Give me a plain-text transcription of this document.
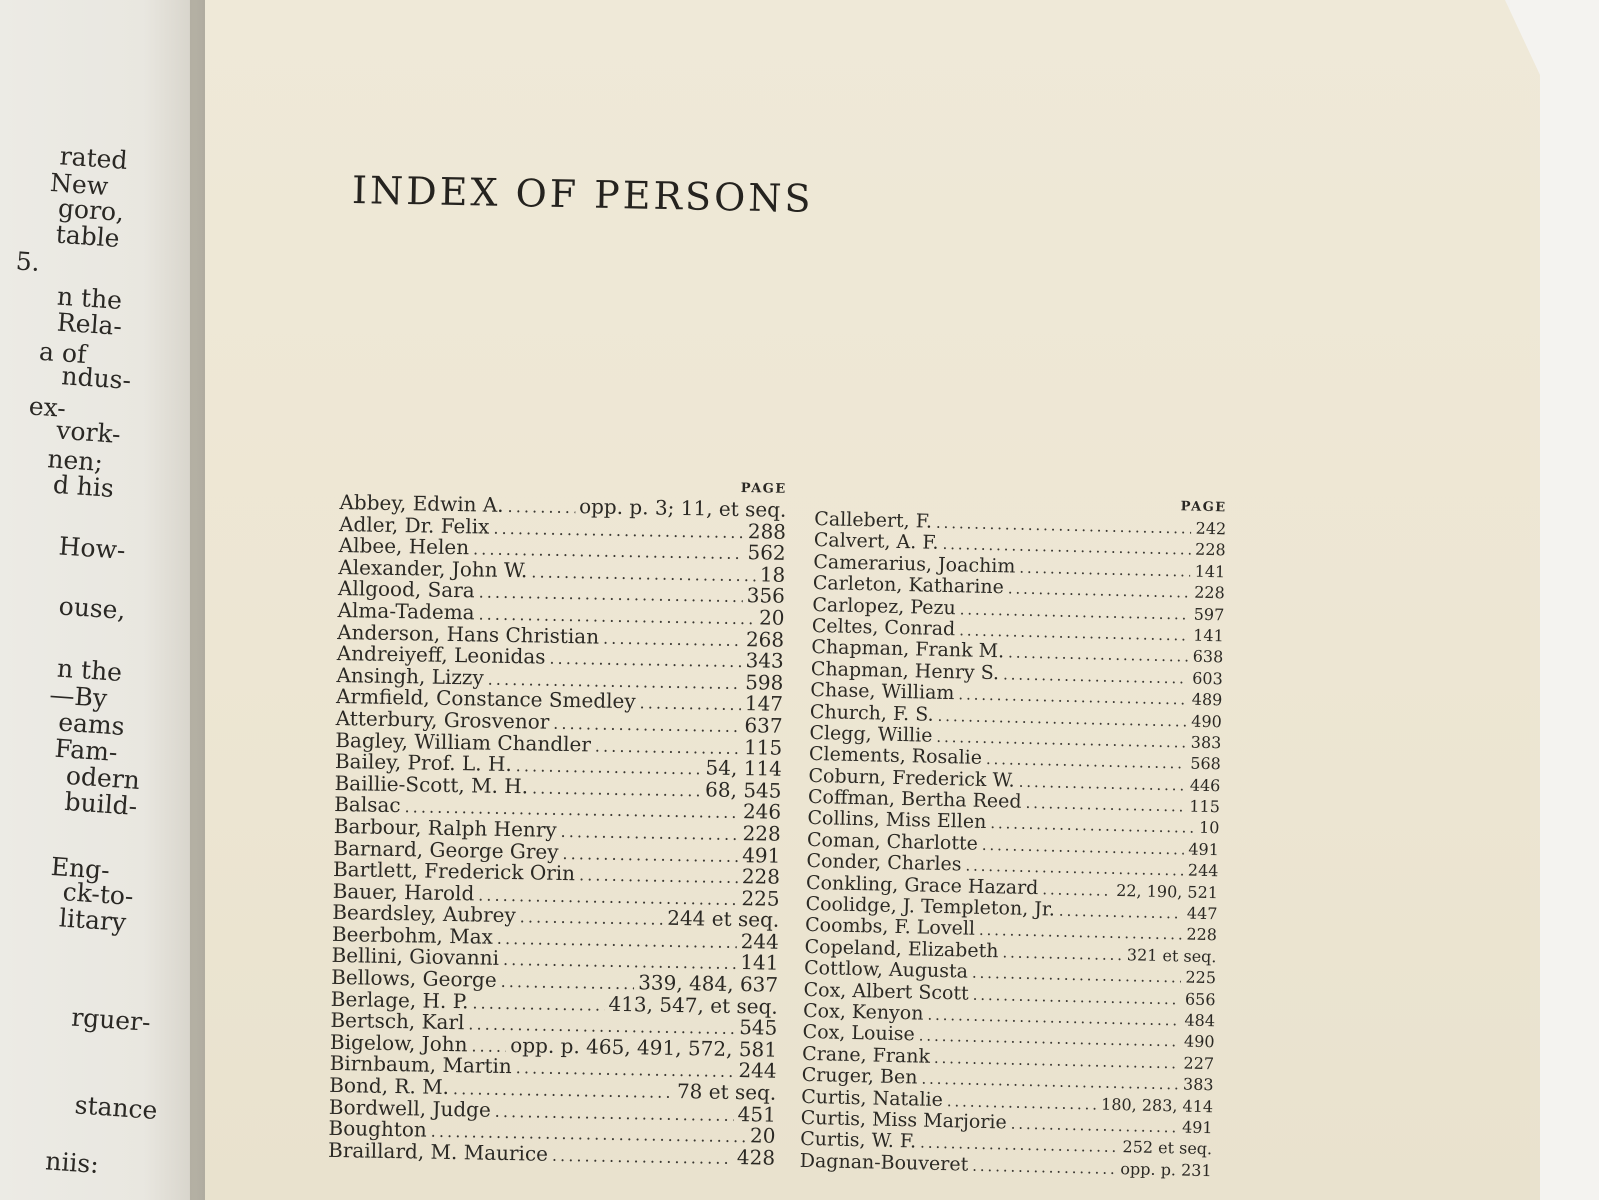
rated
New
goro,
table
5.
n the
Rela-
a of
ndus-
ex-
vork-
nen;
d his
How-
ouse,
n the
—By
eams
Fam-
odern
build-
Eng-
ck-to-
litary
rguer-
stance
niis:
INDEX OF PERSONS
PAGE
Abbey, Edwin A. . . .	opp. p. 3; 11, et seq.
Adler, Dr. Felix . . .	288
Albee, Helen . . .	562
Alexander, John W. . . .	18
Allgood, Sara . . .	356
Alma-Tadema . . .	20
Anderson, Hans Christian . . .	268
Andreiyeff, Leonidas . . .	343
Ansingh, Lizzy . . .	598
Armfield, Constance Smedley . . .	147
Atterbury, Grosvenor . . .	637
Bagley, William Chandler . . .	115
Bailey, Prof. L. H. . . .	54, 114
Baillie-Scott, M. H. . . .	68, 545
Balsac . . .	246
Barbour, Ralph Henry . . .	228
Barnard, George Grey . . .	491
Bartlett, Frederick Orin . . .	228
Bauer, Harold . . .	225
Beardsley, Aubrey . . .	244 et seq.
Beerbohm, Max . . .	244
Bellini, Giovanni . . .	141
Bellows, George . . .	339, 484, 637
Berlage, H. P. . . .	413, 547, et seq.
Bertsch, Karl . . .	545
Bigelow, John . . . opp. p. 465, 491, 572, 581
Birnbaum, Martin . . .	244
Bond, R. M. . . .	78 et seq.
Bordwell, Judge . . .	451
Boughton . . .	20
Braillard, M. Maurice . . .	428
PAGE
Callebert, F. . . .	242
Calvert, A. F. . . .	228
Camerarius, Joachim . . .	141
Carleton, Katharine . . .	228
Carlopez, Pezu . . .	597
Celtes, Conrad . . .	141
Chapman, Frank M. . . .	638
Chapman, Henry S. . . .	603
Chase, William . . .	489
Church, F. S. . . .	490
Clegg, Willie . . .	383
Clements, Rosalie . . .	568
Coburn, Frederick W. . . .	446
Coffman, Bertha Reed . . .	115
Collins, Miss Ellen . . .	10
Coman, Charlotte . . .	491
Conder, Charles . . .	244
Conkling, Grace Hazard . . .	22, 190, 521
Coolidge, J. Templeton, Jr. . . .	447
Coombs, F. Lovell . . .	228
Copeland, Elizabeth . . .	321 et seq.
Cottlow, Augusta . . .	225
Cox, Albert Scott . . .	656
Cox, Kenyon . . .	484
Cox, Louise . . .	490
Crane, Frank . . .	227
Cruger, Ben . . .	383
Curtis, Natalie . . .	180, 283, 414
Curtis, Miss Marjorie . . .	491
Curtis, W. F. . . .	252 et seq.
Dagnan-Bouveret . . .	opp. p. 231
